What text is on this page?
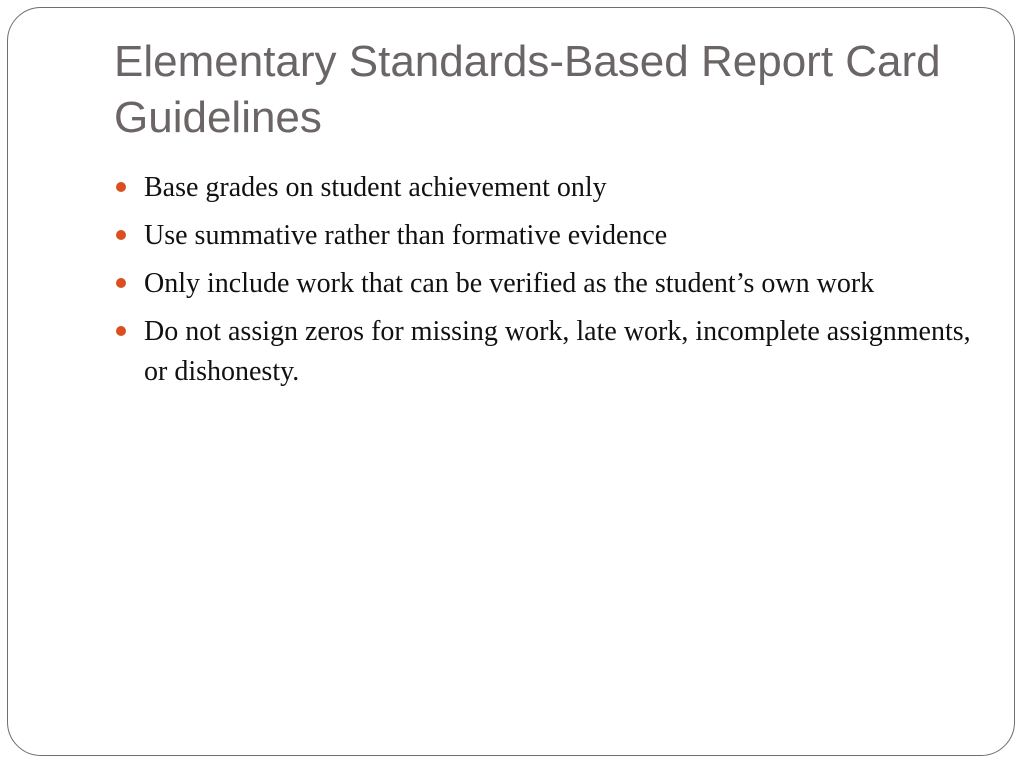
Elementary Standards-Based Report Card Guidelines
Base grades on student achievement only
Use summative rather than formative evidence
Only include work that can be verified as the student’s own work
Do not assign zeros for missing work, late work, incomplete assignments, or dishonesty.
